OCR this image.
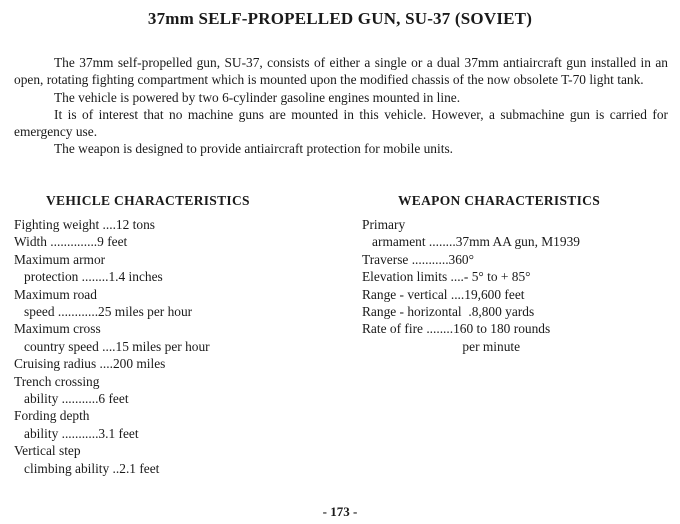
37mm SELF-PROPELLED GUN, SU-37 (SOVIET)

The 37mm self-propelled gun, SU-37, consists of either a single or a dual 37mm antiaircraft gun installed in an open, rotating fighting compartment which is mounted upon the modified chassis of the now obsolete T-70 light tank.

The vehicle is powered by two 6-cylinder gasoline engines mounted in line.

It is of interest that no machine guns are mounted in this vehicle. However, a submachine gun is carried for emergency use.

The weapon is designed to provide antiaircraft protection for mobile units.

VEHICLE CHARACTERISTICS	WEAPON CHARACTERISTICS
Fighting weight ....12 tons
Width ..............9 feet
Maximum armor
protection ........1.4 inches
Maximum road
speed ............25 miles per hour
Maximum cross
country speed ....15 miles per hour
Cruising radius ....200 miles
Trench crossing
ability ...........6 feet
Fording depth
ability ...........3.1 feet
Vertical step
climbing ability ..2.1 feet
Primary
armament ........37mm AA gun, M1939
Traverse ...........360°
Elevation limits ....- 5° to + 85°
Range - vertical ....19,600 feet
Range - horizontal  .8,800 yards
Rate of fire ........160 to 180 rounds
per minute
- 173 -
